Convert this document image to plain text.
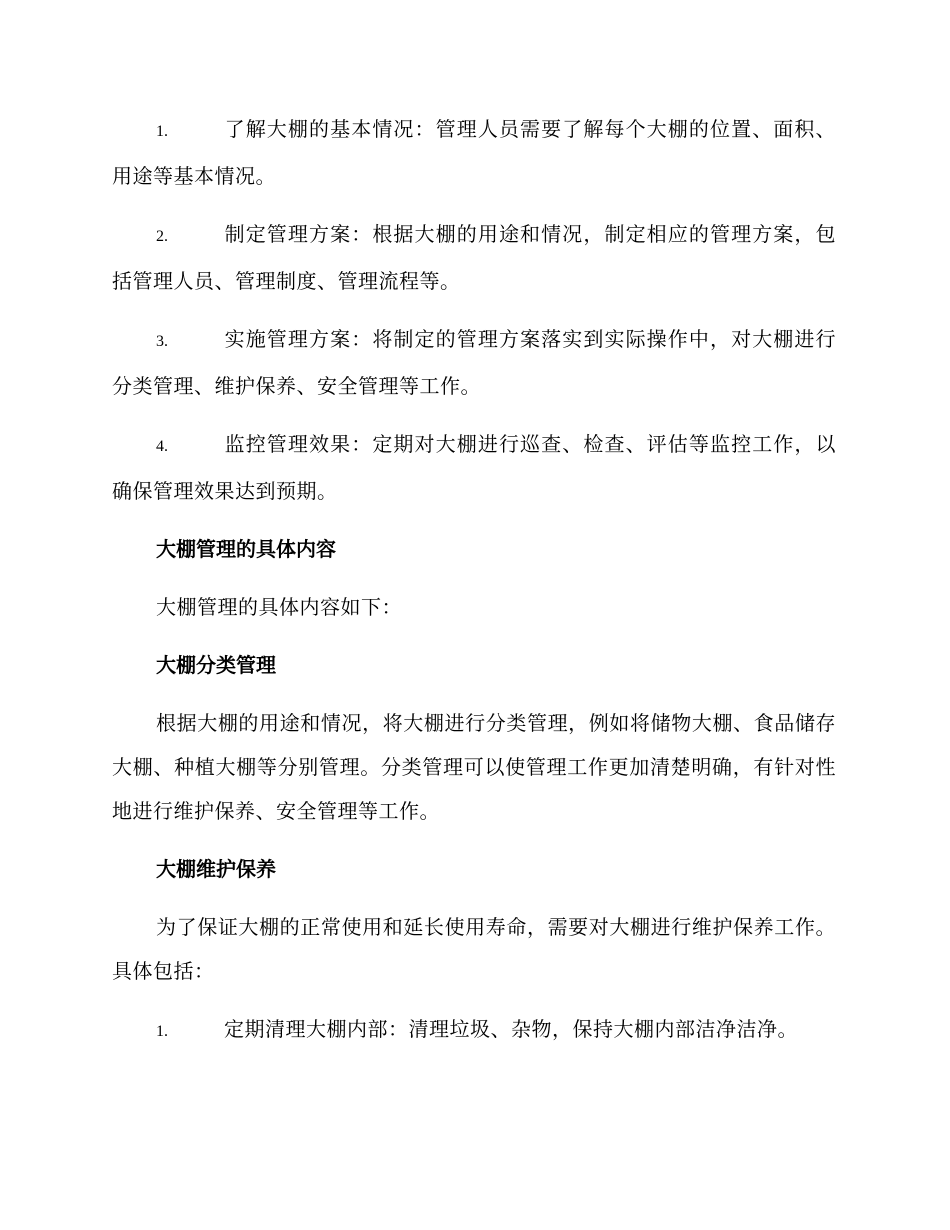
1.	了解大棚的基本情况：管理人员需要了解每个大棚的位置、面积、用途等基本情况。
2.	制定管理方案：根据大棚的用途和情况，制定相应的管理方案，包括管理人员、管理制度、管理流程等。
3.	实施管理方案：将制定的管理方案落实到实际操作中，对大棚进行分类管理、维护保养、安全管理等工作。
4.	监控管理效果：定期对大棚进行巡查、检查、评估等监控工作，以确保管理效果达到预期。
大棚管理的具体内容
大棚管理的具体内容如下：
大棚分类管理
根据大棚的用途和情况，将大棚进行分类管理，例如将储物大棚、食品储存大棚、种植大棚等分别管理。分类管理可以使管理工作更加清楚明确，有针对性地进行维护保养、安全管理等工作。
大棚维护保养
为了保证大棚的正常使用和延长使用寿命，需要对大棚进行维护保养工作。具体包括：
1.	定期清理大棚内部：清理垃圾、杂物，保持大棚内部洁净洁净。
